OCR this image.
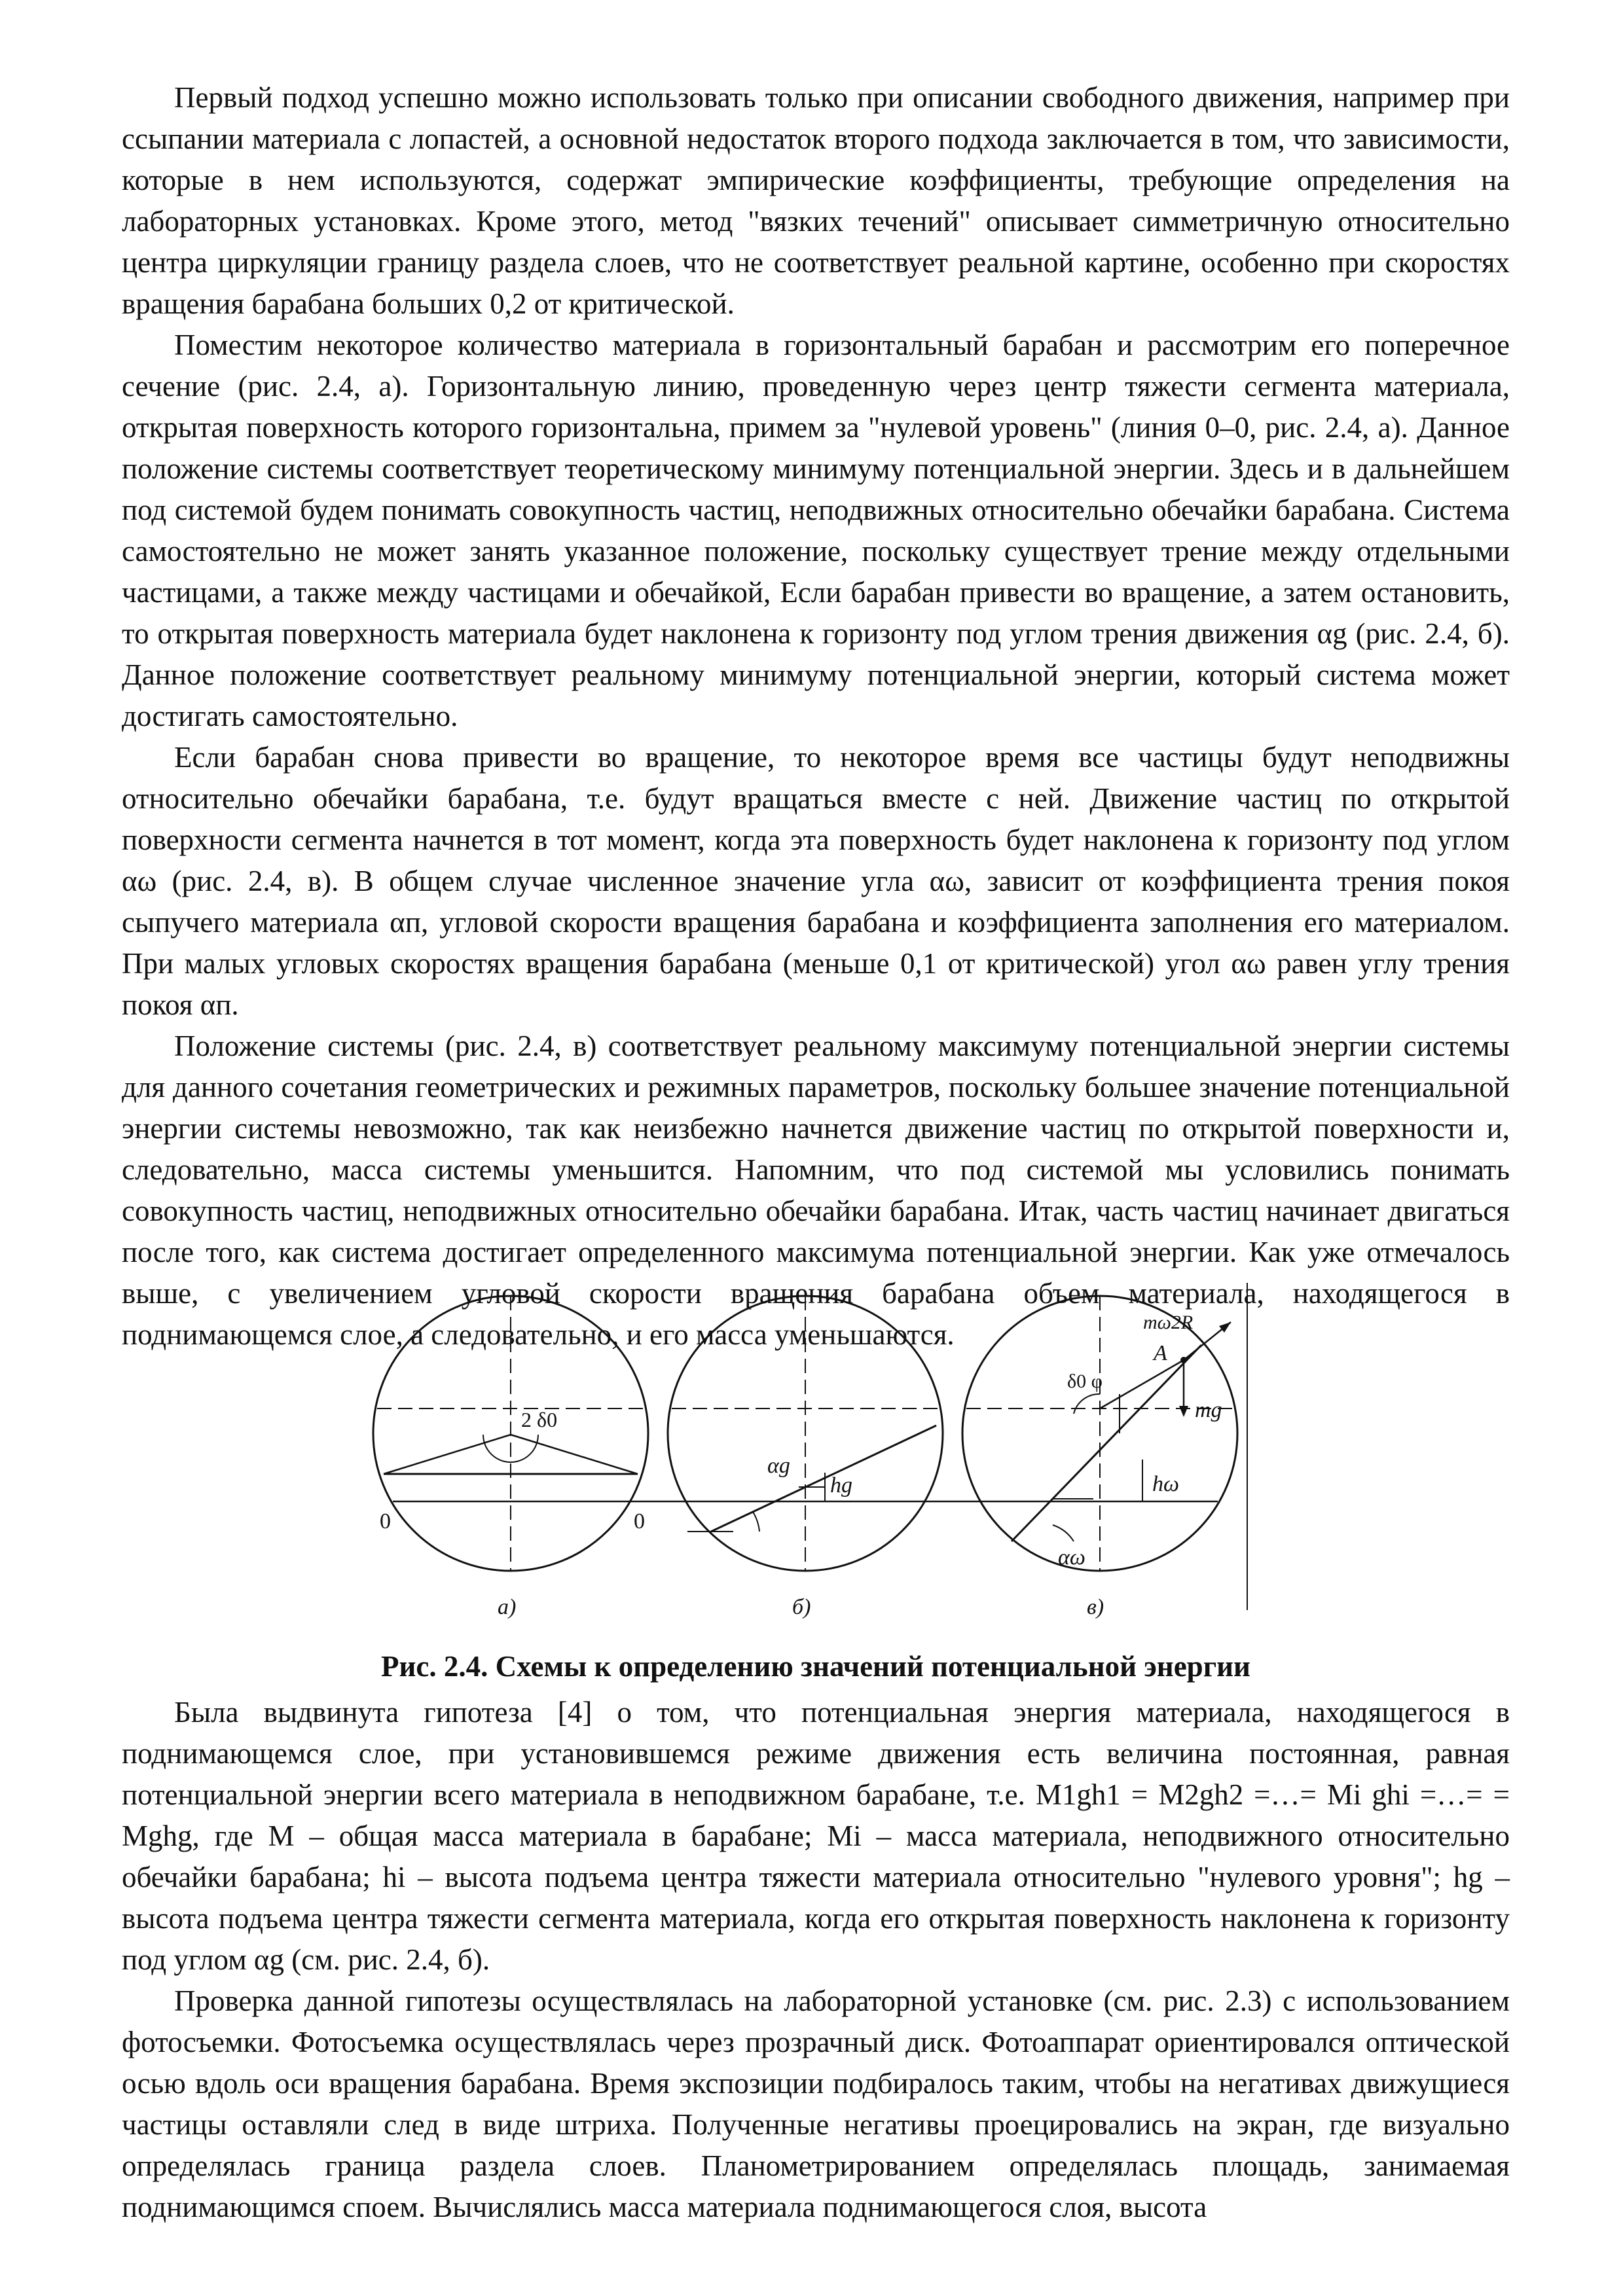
Первый подход успешно можно использовать только при описании свободного движения, например при ссыпании материала с лопастей, а основной недостаток второго подхода заключается в том, что зависимости, которые в нем используются, содержат эмпирические коэффициенты, требующие определения на лабораторных установках. Кроме этого, метод "вязких течений" описывает симметричную относительно центра циркуляции границу раздела слоев, что не соответствует реальной картине, особенно при скоростях вращения барабана больших 0,2 от критической.

Поместим некоторое количество материала в горизонтальный барабан и рассмотрим его поперечное сечение (рис. 2.4, а). Горизонтальную линию, проведенную через центр тяжести сегмента материала, открытая поверхность которого горизонтальна, примем за "нулевой уровень" (линия 0–0, рис. 2.4, а). Данное положение системы соответствует теоретическому минимуму потенциальной энергии. Здесь и в дальнейшем под системой будем понимать совокупность частиц, неподвижных относительно обечайки барабана. Система самостоятельно не может занять указанное положение, поскольку существует трение между отдельными частицами, а также между частицами и обечайкой, Если барабан привести во вращение, а затем остановить, то открытая поверхность материала будет наклонена к горизонту под углом трения движения αg (рис. 2.4, б). Данное положение соответствует реальному минимуму потенциальной энергии, который система может достигать самостоятельно.

Если барабан снова привести во вращение, то некоторое время все частицы будут неподвижны относительно обечайки барабана, т.е. будут вращаться вместе с ней. Движение частиц по открытой поверхности сегмента начнется в тот момент, когда эта поверхность будет наклонена к горизонту под углом αω (рис. 2.4, в). В общем случае численное значение угла αω, зависит от коэффициента трения покоя сыпучего материала αп, угловой скорости вращения барабана и коэффициента заполнения его материалом. При малых угловых скоростях вращения барабана (меньше 0,1 от критической) угол αω равен углу трения покоя αп.

Положение системы (рис. 2.4, в) соответствует реальному максимуму потенциальной энергии системы для данного сочетания геометрических и режимных параметров, поскольку большее значение потенциальной энергии системы невозможно, так как неизбежно начнется движение частиц по открытой поверхности и, следовательно, масса системы уменьшится. Напомним, что под системой мы условились понимать совокупность частиц, неподвижных относительно обечайки барабана. Итак, часть частиц начинает двигаться после того, как система достигает определенного максимума потенциальной энергии. Как уже отмечалось выше, с увеличением угловой скорости вращения барабана объем материала, находящегося в поднимающемся слое, а следовательно, и его масса уменьшаются.

0	0
2 δ0
αg
hg
mω2R
A
δ0 φ
mg
hω
αω
а)	б)	в)
Рис. 2.4. Схемы к определению значений потенциальной энергии

Была выдвинута гипотеза [4] о том, что потенциальная энергия материала, находящегося в поднимающемся слое, при установившемся режиме движения есть величина постоянная, равная потенциальной энергии всего материала в неподвижном барабане, т.е. M1gh1 = M2gh2 =…= Mi ghi =…= = Mghg, где M – общая масса материала в барабане; Mi – масса материала, неподвижного относительно обечайки барабана; hi – высота подъема центра тяжести материала относительно "нулевого уровня"; hg – высота подъема центра тяжести сегмента материала, когда его открытая поверхность наклонена к горизонту под углом αg (см. рис. 2.4, б).

Проверка данной гипотезы осуществлялась на лабораторной установке (см. рис. 2.3) с использованием фотосъемки. Фотосъемка осуществлялась через прозрачный диск. Фотоаппарат ориентировался оптической осью вдоль оси вращения барабана. Время экспозиции подбиралось таким, чтобы на негативах движущиеся частицы оставляли след в виде штриха. Полученные негативы проецировались на экран, где визуально определялась граница раздела слоев. Планометрированием определялась площадь, занимаемая поднимающимся споем. Вычислялись масса материала поднимающегося слоя, высота
